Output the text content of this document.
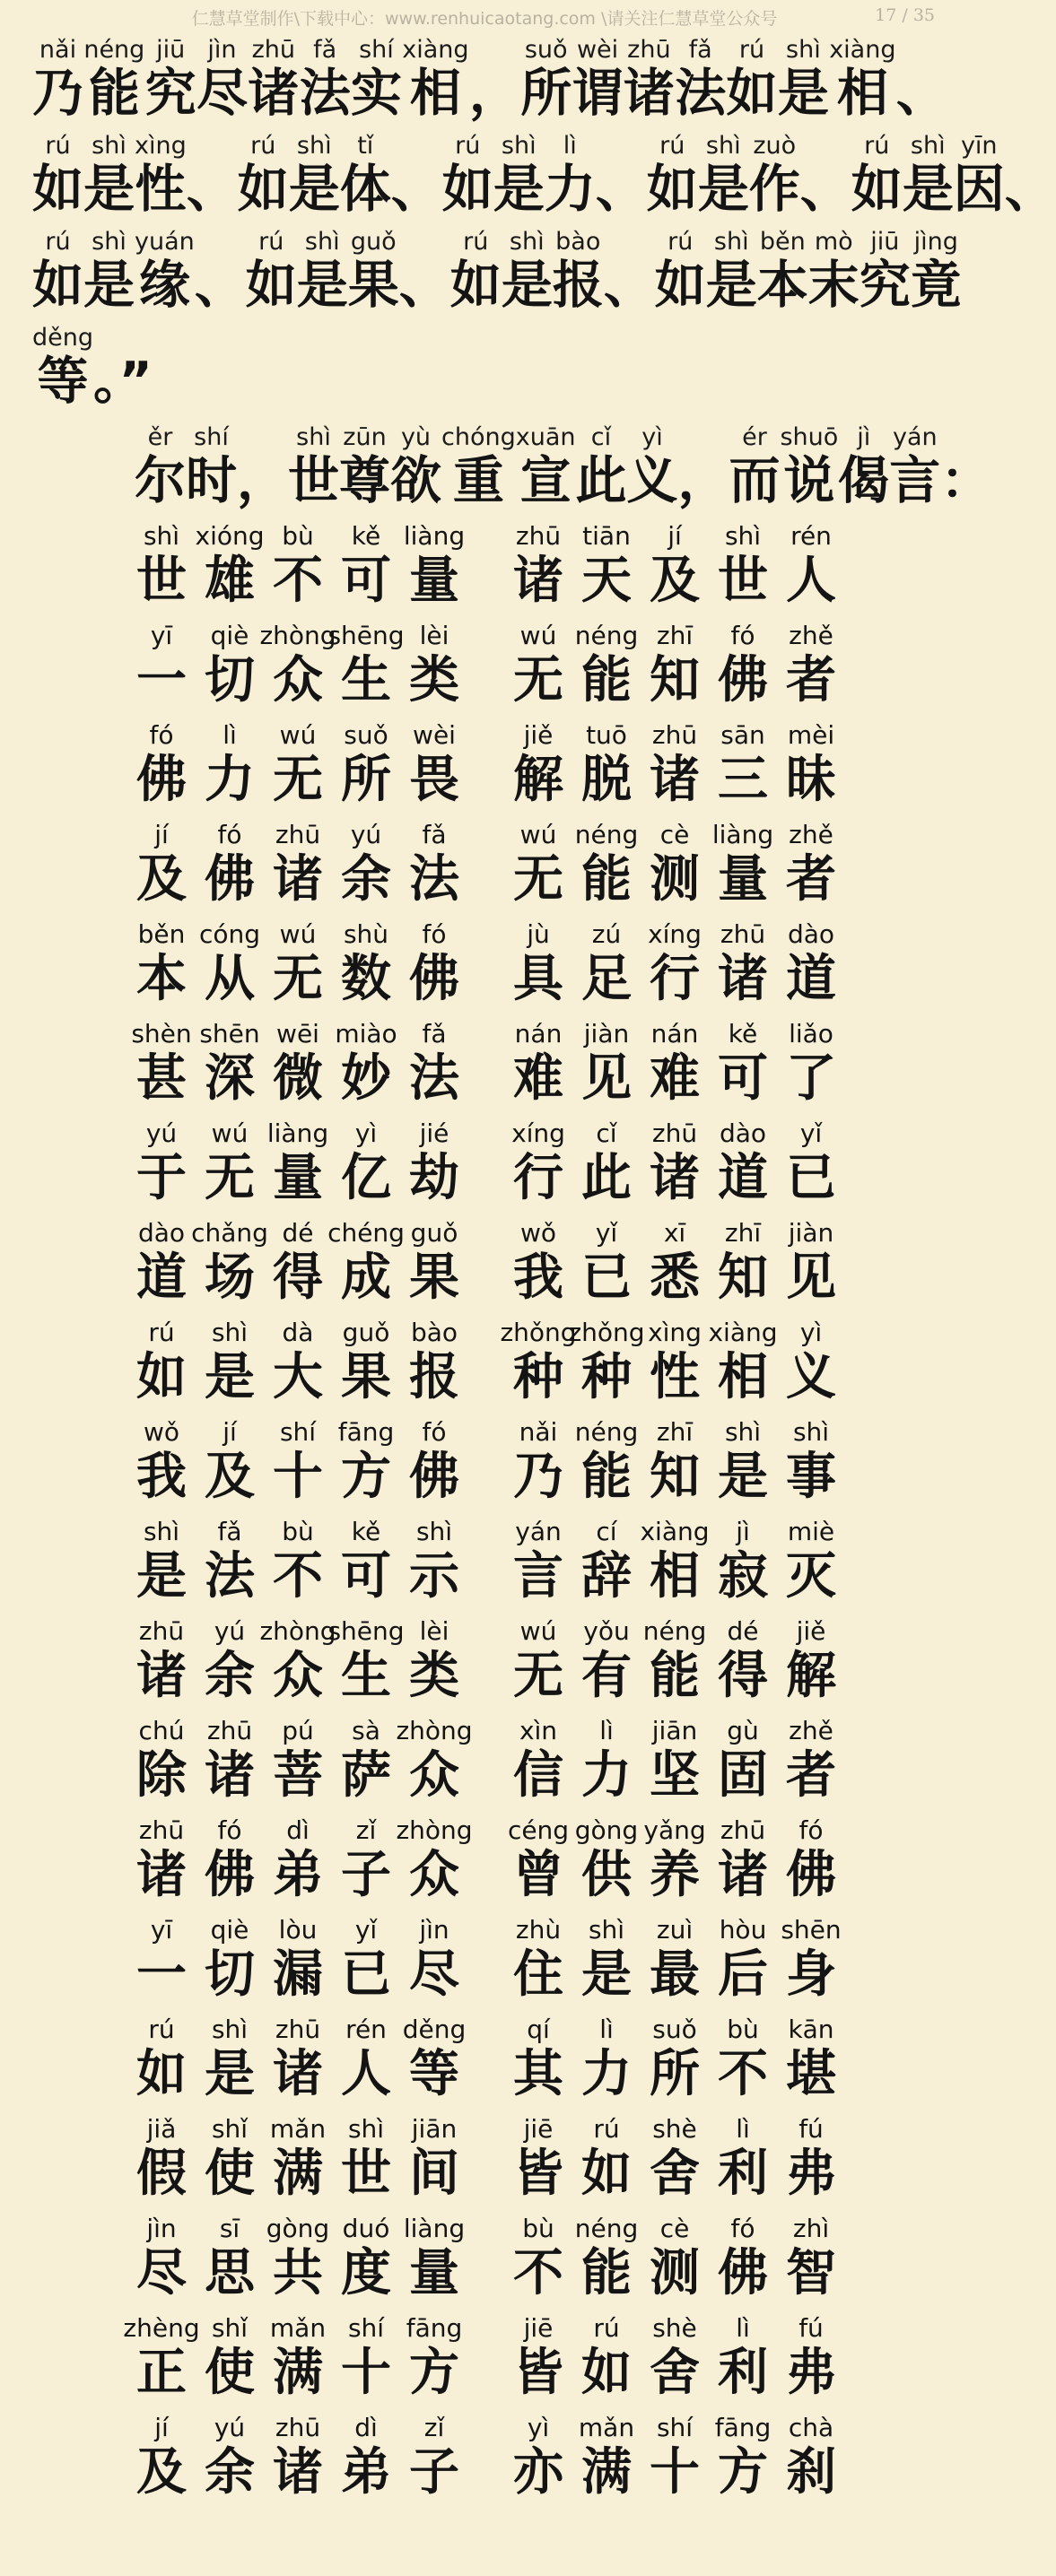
仁慧草堂制作\下载中心：www.renhuicaotang.com \请关注仁慧草堂公众号	17 / 35
nǎi
乃
néng
能
jiū
究
jìn
尽
zhū
诸
fǎ
法
shí
实
xiàng
相 ，
suǒ
所
wèi
谓
zhū
诸
fǎ
法
rú
如
shì
是
xiàng
相 、
rú
如
shì
是
xìng
性 、
rú
如
shì
是
tǐ
体 、
rú
如
shì
是
lì
力 、
rú
如
shì
是
zuò
作 、
rú
如
shì
是
yīn
因 、
rú
如
shì
是
yuán
缘 、
rú
如
shì
是
guǒ
果 、
rú
如
shì
是
bào
报 、
rú
如
shì
是
běn
本
mò
末
jiū
究
jìng
竟
děng
等 。”
ěr
尔
shí
时 ，
shì
世
zūn
尊
yù
欲
chóng
重
xuān
宣
cǐ
此
yì
义 ，
ér
而
shuō
说
jì
偈
yán
言 ：
shì
世
xióng
雄
bù
不
kě
可
liàng
量
zhū
诸
tiān
天
jí
及
shì
世
rén
人
yī
一
qiè
切
zhòng
众
shēng
生
lèi
类
wú
无
néng
能
zhī
知
fó
佛
zhě
者
fó
佛
lì
力
wú
无
suǒ
所
wèi
畏
jiě
解
tuō
脱
zhū
诸
sān
三
mèi
昧
jí
及
fó
佛
zhū
诸
yú
余
fǎ
法
wú
无
néng
能
cè
测
liàng
量
zhě
者
běn
本
cóng
从
wú
无
shù
数
fó
佛
jù
具
zú
足
xíng
行
zhū
诸
dào
道
shèn
甚
shēn
深
wēi
微
miào
妙
fǎ
法
nán
难
jiàn
见
nán
难
kě
可
liǎo
了
yú
于
wú
无
liàng
量
yì
亿
jié
劫
xíng
行
cǐ
此
zhū
诸
dào
道
yǐ
已
dào
道
chǎng
场
dé
得
chéng
成
guǒ
果
wǒ
我
yǐ
已
xī
悉
zhī
知
jiàn
见
rú
如
shì
是
dà
大
guǒ
果
bào
报
zhǒng
种
zhǒng
种
xìng
性
xiàng
相
yì
义
wǒ
我
jí
及
shí
十
fāng
方
fó
佛
nǎi
乃
néng
能
zhī
知
shì
是
shì
事
shì
是
fǎ
法
bù
不
kě
可
shì
示
yán
言
cí
辞
xiàng
相
jì
寂
miè
灭
zhū
诸
yú
余
zhòng
众
shēng
生
lèi
类
wú
无
yǒu
有
néng
能
dé
得
jiě
解
chú
除
zhū
诸
pú
菩
sà
萨
zhòng
众
xìn
信
lì
力
jiān
坚
gù
固
zhě
者
zhū
诸
fó
佛
dì
弟
zǐ
子
zhòng
众
céng
曾
gòng
供
yǎng
养
zhū
诸
fó
佛
yī
一
qiè
切
lòu
漏
yǐ
已
jìn
尽
zhù
住
shì
是
zuì
最
hòu
后
shēn
身
rú
如
shì
是
zhū
诸
rén
人
děng
等
qí
其
lì
力
suǒ
所
bù
不
kān
堪
jiǎ
假
shǐ
使
mǎn
满
shì
世
jiān
间
jiē
皆
rú
如
shè
舍
lì
利
fú
弗
jìn
尽
sī
思
gòng
共
duó
度
liàng
量
bù
不
néng
能
cè
测
fó
佛
zhì
智
zhèng
正
shǐ
使
mǎn
满
shí
十
fāng
方
jiē
皆
rú
如
shè
舍
lì
利
fú
弗
jí
及
yú
余
zhū
诸
dì
弟
zǐ
子
yì
亦
mǎn
满
shí
十
fāng
方
chà
刹
